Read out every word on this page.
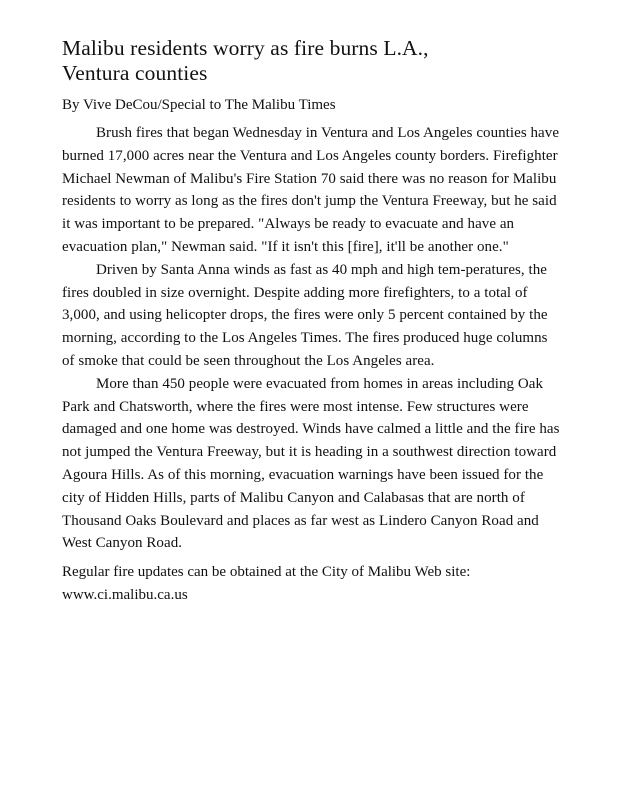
Malibu residents worry as fire burns L.A.,
Ventura counties

By Vive DeCou/Special to The Malibu Times

Brush fires that began Wednesday in Ventura and Los Angeles counties have burned 17,000 acres near the Ventura and Los Angeles county borders. Firefighter Michael Newman of Malibu's Fire Station 70 said there was no reason for Malibu residents to worry as long as the fires don't jump the Ventura Freeway, but he said it was important to be prepared. "Always be ready to evacuate and have an evacuation plan," Newman said. "If it isn't this [fire], it'll be another one."

Driven by Santa Anna winds as fast as 40 mph and high tem-peratures, the fires doubled in size overnight. Despite adding more firefighters, to a total of 3,000, and using helicopter drops, the fires were only 5 percent contained by the morning, according to the Los Angeles Times. The fires produced huge columns of smoke that could be seen throughout the Los Angeles area.

More than 450 people were evacuated from homes in areas including Oak Park and Chatsworth, where the fires were most intense. Few structures were damaged and one home was destroyed. Winds have calmed a little and the fire has not jumped the Ventura Freeway, but it is heading in a southwest direction toward Agoura Hills. As of this morning, evacuation warnings have been issued for the city of Hidden Hills, parts of Malibu Canyon and Calabasas that are north of Thousand Oaks Boulevard and places as far west as Lindero Canyon Road and West Canyon Road.

Regular fire updates can be obtained at the City of Malibu Web site: www.ci.malibu.ca.us
